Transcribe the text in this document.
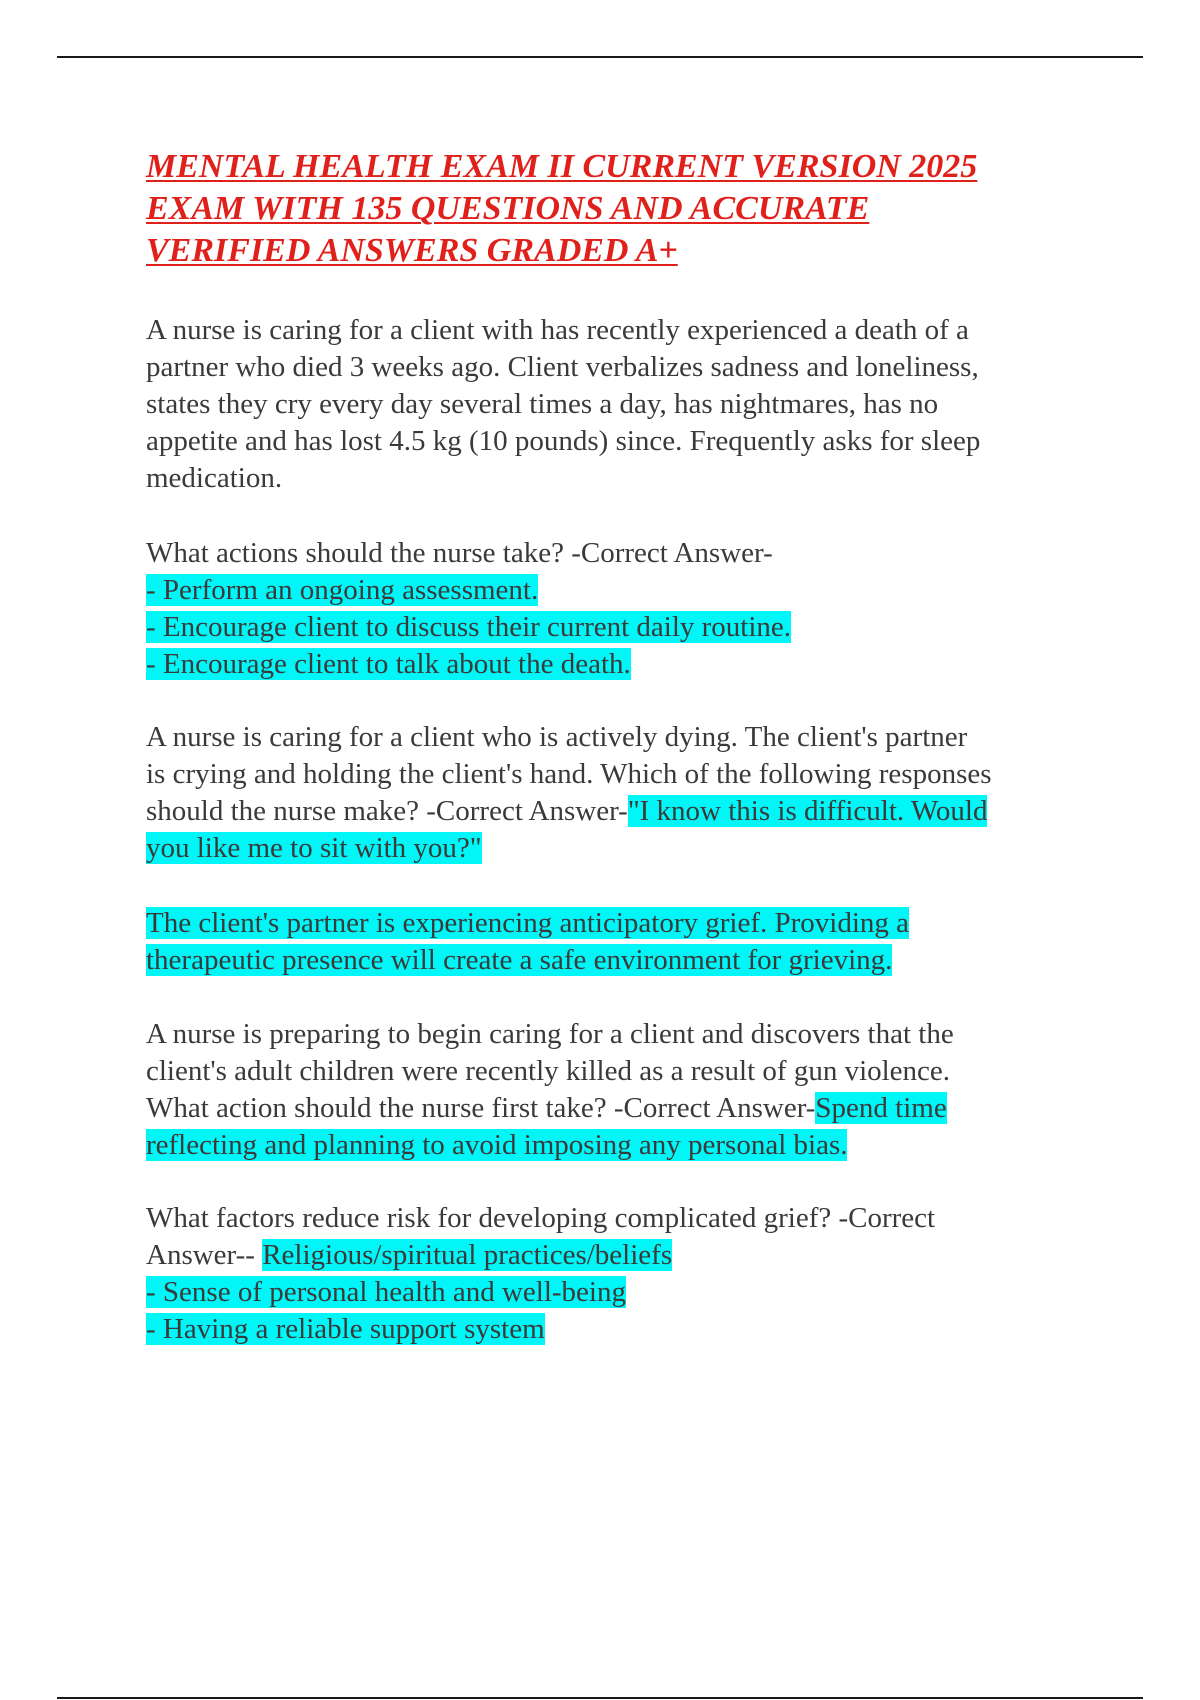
MENTAL HEALTH EXAM II CURRENT VERSION 2025
EXAM WITH 135 QUESTIONS AND ACCURATE
VERIFIED ANSWERS GRADED A+

A nurse is caring for a client with has recently experienced a death of a
partner who died 3 weeks ago. Client verbalizes sadness and loneliness,
states they cry every day several times a day, has nightmares, has no
appetite and has lost 4.5 kg (10 pounds) since. Frequently asks for sleep
medication.

What actions should the nurse take? -Correct Answer-
- Perform an ongoing assessment.
- Encourage client to discuss their current daily routine.
- Encourage client to talk about the death.

A nurse is caring for a client who is actively dying. The client's partner
is crying and holding the client's hand. Which of the following responses
should the nurse make? -Correct Answer-"I know this is difficult. Would
you like me to sit with you?"

The client's partner is experiencing anticipatory grief. Providing a
therapeutic presence will create a safe environment for grieving.

A nurse is preparing to begin caring for a client and discovers that the
client's adult children were recently killed as a result of gun violence.
What action should the nurse first take? -Correct Answer-Spend time
reflecting and planning to avoid imposing any personal bias.

What factors reduce risk for developing complicated grief? -Correct
Answer-- Religious/spiritual practices/beliefs
- Sense of personal health and well-being
- Having a reliable support system
